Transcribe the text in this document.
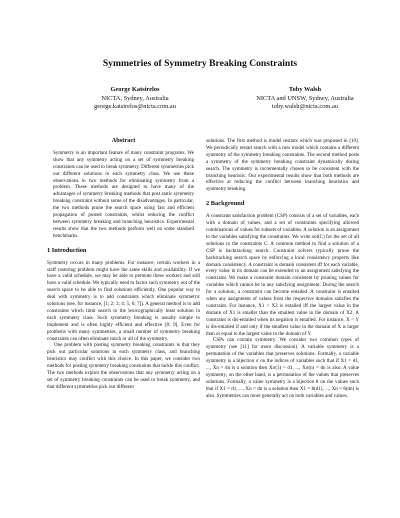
Symmetries of Symmetry Breaking Constraints
George Katsirelos
NICTA, Sydney, Australia
george.katsirelos@nicta.com.au
Toby Walsh
NICTA and UNSW, Sydney, Australia
toby.walsh@nicta.com.au
Abstract
Symmetry is an important feature of many constraint programs. We show that any symmetry acting on a set of symmetry breaking constraints can be used to break symmetry. Different symmetries pick out different solutions in each symmetry class. We use these observations in two methods for eliminating symmetry from a problem. These methods are designed to have many of the advantages of symmetry breaking methods that post static symmetry breaking constraint without some of the disadvantages. In particular, the two methods prune the search space using fast and efficient propagation of posted constraints, whilst reducing the conflict between symmetry breaking and branching heuristics. Experimental results show that the two methods perform well on some standard benchmarks.
1 Introduction

Symmetry occurs in many problems. For instance, certain workers in a staff rostering problem might have the same skills and availability. If we have a valid schedule, we may be able to permute these workers and still have a valid schedule. We typically need to factor such symmetry out of the search space to be able to find solutions efficiently. One popular way to deal with symmetry is to add constraints which eliminate symmetric solutions (see, for instance, [1; 2; 3; 4; 5; 6; 7]). A general method is to add constraints which limit search to the lexicographically least solution in each symmetry class. Such symmetry breaking is usually simple to implement and is often highly efficient and effective [8; 9]. Even for problems with many symmetries, a small number of symmetry breaking constraints can often eliminate much or all of the symmetry.

One problem with posting symmetry breaking constraints is that they pick out particular solutions in each symmetry class, and branching heuristics may conflict with this choice. In this paper, we consider two methods for posting symmetry breaking constraints that tackle this conflict. The two methods exploit the observations that any symmetry acting on a set of symmetry breaking constraints can be used to break symmetry, and that different symmetries pick out different

solutions. The first method is model restarts which was proposed in [10]. We periodically restart search with a new model which contains a different symmetry of the symmetry breaking constraints. The second method posts a symmetry of the symmetry breaking constraint dynamically during search. The symmetry is incrementally chosen to be consistent with the branching heuristic. Our experimental results show that both methods are effective at reducing the conflict between branching heuristics and symmetry breaking.

2 Background

A constraint satisfaction problem (CSP) consists of a set of variables, each with a domain of values, and a set of constraints specifying allowed combinations of values for subsets of variables. A solution is an assignment to the variables satisfying the constraints. We write sol(C) for the set of all solutions to the constraints C. A common method to find a solution of a CSP is backtracking search. Constraint solvers typically prune the backtracking search space by enforcing a local consistency property like domain consistency. A constraint is domain consistent iff for each variable, every value in its domain can be extended to an assignment satisfying the constraint. We make a constraint domain consistent by pruning values for variables which cannot be in any satisfying assignment. During the search for a solution, a constraint can become entailed. A constraint is entailed when any assignment of values from the respective domains satisfies the constraint. For instance, X1 < X2 is entailed iff the largest value in the domain of X1 is smaller than the smallest value in the domain of X2. A constraint is dis-entailed when its negation is entailed. For instance, X < Y is dis-entailed if and only if the smallest value in the domain of X is larger than or equal to the largest value in the domain of Y.

CSPs can contain symmetry. We consider two common types of symmetry (see [11] for more discussion). A variable symmetry is a permutation of the variables that preserves solutions. Formally, a variable symmetry is a bijection σ on the indices of variables such that if X1 = d1, ..., Xn = dn is a solution then Xσ(1) = d1, ..., Xσ(n) = dn is also. A value symmetry, on the other hand, is a permutation of the values that preserves solutions. Formally, a value symmetry is a bijection θ on the values such that if X1 = d1, ..., Xn = dn is a solution then X1 = θ(d1), ..., Xn = θ(dn) is also. Symmetries can more generally act on both variables and values.
